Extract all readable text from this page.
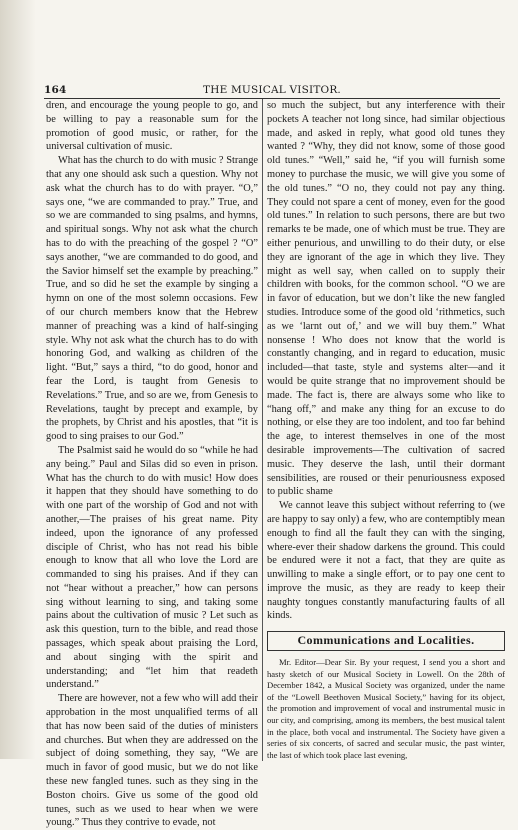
164	THE MUSICAL VISITOR.

dren, and encourage the young people to go, and be willing to pay a reasonable sum for the promotion of good music, or rather, for the universal cultivation of music.

What has the church to do with music ? Strange that any one should ask such a question. Why not ask what the church has to do with prayer. “O,” says one, “we are commanded to pray.” True, and so we are commanded to sing psalms, and hymns, and spiritual songs. Why not ask what the church has to do with the preaching of the gospel ? “O” says another, “we are commanded to do good, and the Savior himself set the example by preaching.” True, and so did he set the example by singing a hymn on one of the most solemn occasions. Few of our church members know that the Hebrew manner of preaching was a kind of half-singing style. Why not ask what the church has to do with honoring God, and walking as children of the light. “But,” says a third, “to do good, honor and fear the Lord, is taught from Genesis to Revelations.” True, and so are we, from Genesis to Revelations, taught by precept and example, by the prophets, by Christ and his apostles, that “it is good to sing praises to our God.”

The Psalmist said he would do so “while he had any being.” Paul and Silas did so even in prison. What has the church to do with music! How does it happen that they should have something to do with one part of the worship of God and not with another,—The praises of his great name. Pity indeed, upon the ignorance of any professed disciple of Christ, who has not read his bible enough to know that all who love the Lord are commanded to sing his praises. And if they can not “hear without a preacher,” how can persons sing without learning to sing, and taking some pains about the cultivation of music ? Let such as ask this question, turn to the bible, and read those passages, which speak about praising the Lord, and about singing with the spirit and understanding; and “let him that readeth understand.”

There are however, not a few who will add their approbation in the most unqualified terms of all that has now been said of the duties of ministers and churches. But when they are addressed on the subject of doing something, they say, “We are much in favor of good music, but we do not like these new fangled tunes. such as they sing in the Boston choirs. Give us some of the good old tunes, such as we used to hear when we were young.” Thus they contrive to evade, not

so much the subject, but any interference with their pockets A teacher not long since, had similar objectious made, and asked in reply, what good old tunes they wanted ? “Why, they did not know, some of those good old tunes.” “Well,” said he, “if you will furnish some money to purchase the music, we will give you some of the old tunes.” “O no, they could not pay any thing. They could not spare a cent of money, even for the good old tunes.” In relation to such persons, there are but two remarks te be made, one of which must be true. They are either penurious, and unwilling to do their duty, or else they are ignorant of the age in which they live. They might as well say, when called on to supply their children with books, for the common school. “O we are in favor of education, but we don’t like the new fangled studies. Introduce some of the good old ‘rithmetics, such as we ‘larnt out of,’ and we will buy them.” What nonsense ! Who does not know that the world is constantly changing, and in regard to education, music included—that taste, style and systems alter—and it would be quite strange that no improvement should be made. The fact is, there are always some who like to “hang off,” and make any thing for an excuse to do nothing, or else they are too indolent, and too far behind the age, to interest themselves in one of the most desirable improvements—The cultivation of sacred music. They deserve the lash, until their dormant sensibilities, are roused or their penuriousness exposed to public shame

We cannot leave this subject without referring to (we are happy to say only) a few, who are contemptibly mean enough to find all the fault they can with the singing, where-ever their shadow darkens the ground. This could be endured were it not a fact, that they are quite as unwilling to make a single effort, or to pay one cent to improve the music, as they are ready to keep their naughty tongues constantly manufacturing faults of all kinds.

Communications and Localities.

Mr. Editor—Dear Sir. By your request, I send you a short and hasty sketch of our Musical Society in Lowell. On the 28th of December 1842, a Musical Society was organized, under the name of the “Lowell Beethoven Musical Society,” having for its object, the promotion and improvement of vocal and instrumental music in our city, and comprising, among its members, the best musical talent in the place, both vocal and instrumental. The Society have given a series of six concerts, of sacred and secular music, the past winter, the last of which took place last evening,
